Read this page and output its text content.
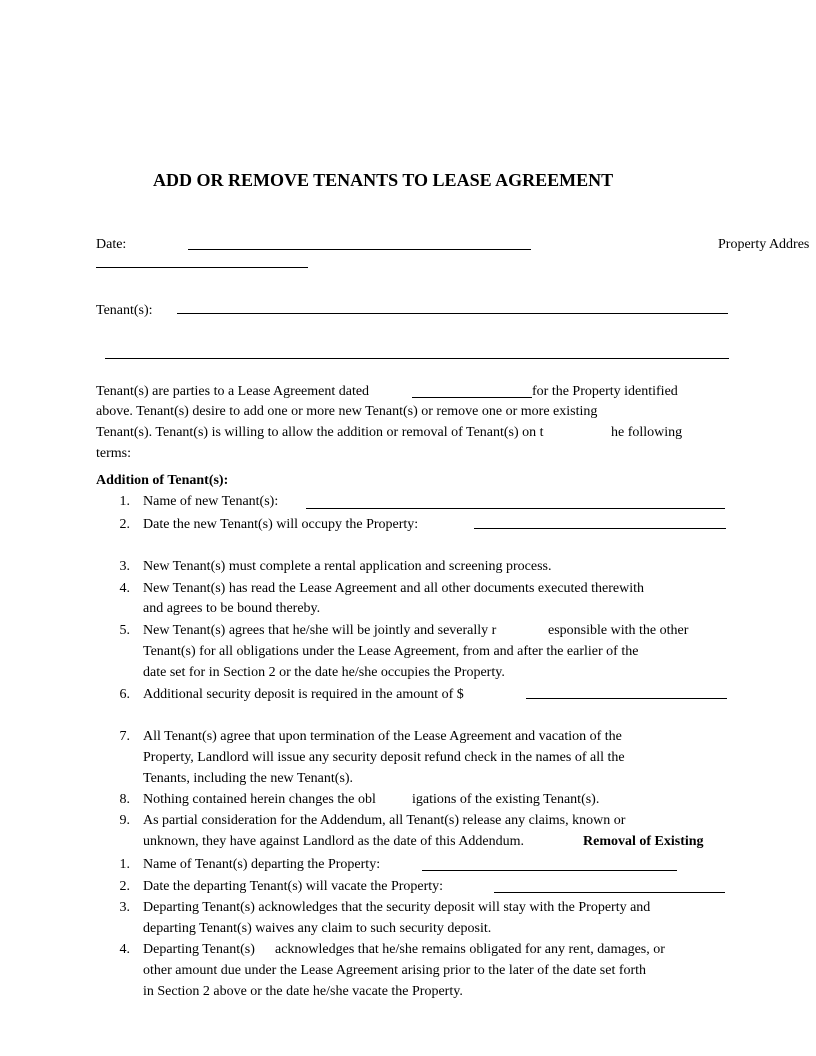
ADD OR REMOVE TENANTS TO LEASE AGREEMENT
Date:	Property Addres
Tenant(s):
Tenant(s) are parties to a Lease Agreement dated	for the Property identified
above. Tenant(s) desire to add one or more new Tenant(s) or remove one or more existing
Tenant(s). Tenant(s) is willing to allow the addition or removal of Tenant(s) on t	he following
terms:
Addition of Tenant(s):
1. Name of new Tenant(s):
2. Date the new Tenant(s) will occupy the Property:
3. New Tenant(s) must complete a rental application and screening process.
4. New Tenant(s) has read the Lease Agreement and all other documents executed therewith
and agrees to be bound thereby.
5. New Tenant(s) agrees that he/she will be jointly and severally r	esponsible with the other
Tenant(s) for all obligations under the Lease Agreement, from and after the earlier of the
date set for in Section 2 or the date he/she occupies the Property.
6. Additional security deposit is required in the amount of $
7. All Tenant(s) agree that upon termination of the Lease Agreement and vacation of the
Property, Landlord will issue any security deposit refund check in the names of all the
Tenants, including the new Tenant(s).
8. Nothing contained herein changes the obl	igations of the existing Tenant(s).
9. As partial consideration for the Addendum, all Tenant(s) release any claims, known or
unknown, they have against Landlord as the date of this Addendum.	Removal of Existing
1. Name of Tenant(s) departing the Property:
2. Date the departing Tenant(s) will vacate the Property:
3. Departing Tenant(s) acknowledges that the security deposit will stay with the Property and
departing Tenant(s) waives any claim to such security deposit.
4. Departing Tenant(s) acknowledges that he/she remains obligated for any rent, damages, or
other amount due under the Lease Agreement arising prior to the later of the date set forth
in Section 2 above or the date he/she vacate the Property.
